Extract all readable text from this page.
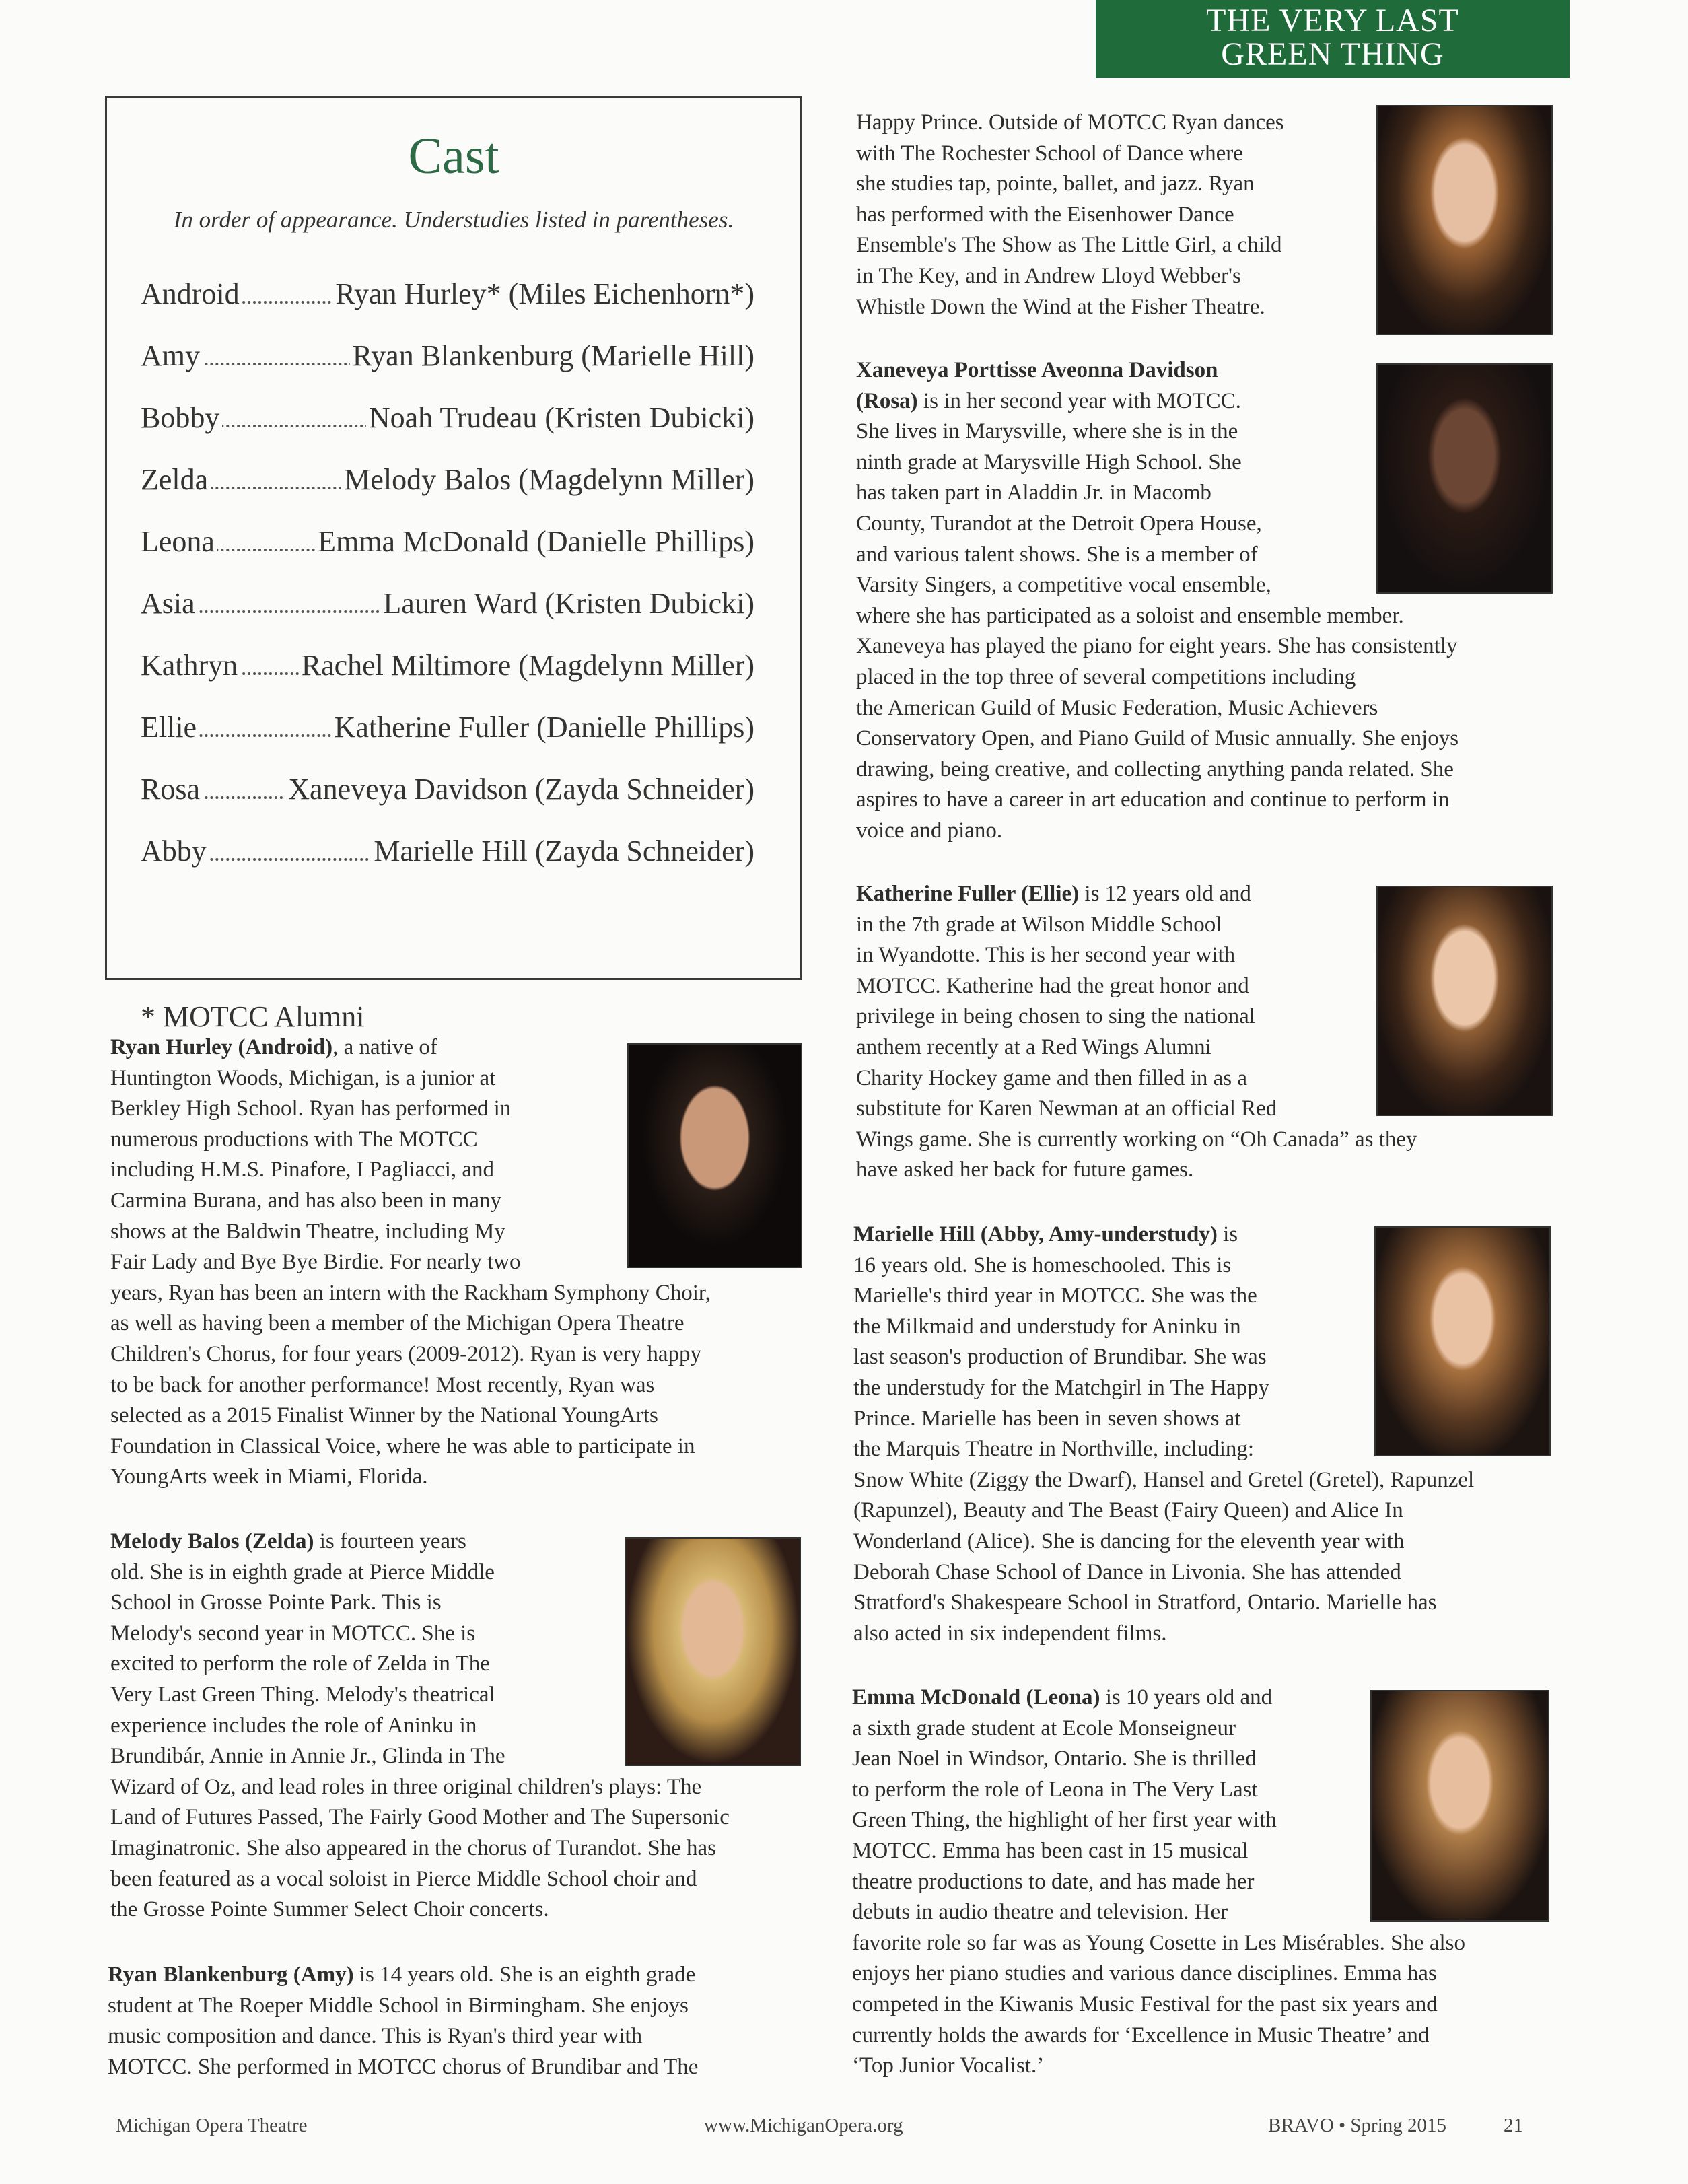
THE VERY LAST
GREEN THING
Cast
In order of appearance. Understudies listed in parentheses.
Android	Ryan Hurley* (Miles Eichenhorn*)
Amy	Ryan Blankenburg (Marielle Hill)
Bobby	Noah Trudeau (Kristen Dubicki)
Zelda	Melody Balos (Magdelynn Miller)
Leona	Emma McDonald (Danielle Phillips)
Asia	Lauren Ward (Kristen Dubicki)
Kathryn Rachel Miltimore (Magdelynn Miller)
Ellie	Katherine Fuller (Danielle Phillips)
Rosa	Xaneveya Davidson (Zayda Schneider)
Abby	Marielle Hill (Zayda Schneider)
* MOTCC Alumni

Ryan Hurley (Android), a native of
Huntington Woods, Michigan, is a junior at
Berkley High School. Ryan has performed in
numerous productions with The MOTCC
including H.M.S. Pinafore, I Pagliacci, and
Carmina Burana, and has also been in many
shows at the Baldwin Theatre, including My
Fair Lady and Bye Bye Birdie. For nearly two
years, Ryan has been an intern with the Rackham Symphony Choir,
as well as having been a member of the Michigan Opera Theatre
Children's Chorus, for four years (2009-2012). Ryan is very happy
to be back for another performance! Most recently, Ryan was
selected as a 2015 Finalist Winner by the National YoungArts
Foundation in Classical Voice, where he was able to participate in
YoungArts week in Miami, Florida.

Melody Balos (Zelda) is fourteen years
old. She is in eighth grade at Pierce Middle
School in Grosse Pointe Park. This is
Melody's second year in MOTCC. She is
excited to perform the role of Zelda in The
Very Last Green Thing. Melody's theatrical
experience includes the role of Aninku in
Brundibár, Annie in Annie Jr., Glinda in The
Wizard of Oz, and lead roles in three original children's plays: The
Land of Futures Passed, The Fairly Good Mother and The Supersonic
Imaginatronic. She also appeared in the chorus of Turandot. She has
been featured as a vocal soloist in Pierce Middle School choir and
the Grosse Pointe Summer Select Choir concerts.

Ryan Blankenburg (Amy) is 14 years old. She is an eighth grade
student at The Roeper Middle School in Birmingham. She enjoys
music composition and dance. This is Ryan's third year with
MOTCC. She performed in MOTCC chorus of Brundibar and The

Happy Prince. Outside of MOTCC Ryan dances
with The Rochester School of Dance where
she studies tap, pointe, ballet, and jazz. Ryan
has performed with the Eisenhower Dance
Ensemble's The Show as The Little Girl, a child
in The Key, and in Andrew Lloyd Webber's
Whistle Down the Wind at the Fisher Theatre.

Xaneveya Porttisse Aveonna Davidson
(Rosa) is in her second year with MOTCC.
She lives in Marysville, where she is in the
ninth grade at Marysville High School. She
has taken part in Aladdin Jr. in Macomb
County, Turandot at the Detroit Opera House,
and various talent shows. She is a member of
Varsity Singers, a competitive vocal ensemble,
where she has participated as a soloist and ensemble member.
Xaneveya has played the piano for eight years. She has consistently
placed in the top three of several competitions including
the American Guild of Music Federation, Music Achievers
Conservatory Open, and Piano Guild of Music annually. She enjoys
drawing, being creative, and collecting anything panda related. She
aspires to have a career in art education and continue to perform in
voice and piano.

Katherine Fuller (Ellie) is 12 years old and
in the 7th grade at Wilson Middle School
in Wyandotte. This is her second year with
MOTCC. Katherine had the great honor and
privilege in being chosen to sing the national
anthem recently at a Red Wings Alumni
Charity Hockey game and then filled in as a
substitute for Karen Newman at an official Red
Wings game. She is currently working on “Oh Canada” as they
have asked her back for future games.

Marielle Hill (Abby, Amy-understudy) is
16 years old. She is homeschooled. This is
Marielle's third year in MOTCC. She was the
the Milkmaid and understudy for Aninku in
last season's production of Brundibar. She was
the understudy for the Matchgirl in The Happy
Prince. Marielle has been in seven shows at
the Marquis Theatre in Northville, including:
Snow White (Ziggy the Dwarf), Hansel and Gretel (Gretel), Rapunzel
(Rapunzel), Beauty and The Beast (Fairy Queen) and Alice In
Wonderland (Alice). She is dancing for the eleventh year with
Deborah Chase School of Dance in Livonia. She has attended
Stratford's Shakespeare School in Stratford, Ontario. Marielle has
also acted in six independent films.

Emma McDonald (Leona) is 10 years old and
a sixth grade student at Ecole Monseigneur
Jean Noel in Windsor, Ontario. She is thrilled
to perform the role of Leona in The Very Last
Green Thing, the highlight of her first year with
MOTCC. Emma has been cast in 15 musical
theatre productions to date, and has made her
debuts in audio theatre and television. Her
favorite role so far was as Young Cosette in Les Misérables. She also
enjoys her piano studies and various dance disciplines. Emma has
competed in the Kiwanis Music Festival for the past six years and
currently holds the awards for ‘Excellence in Music Theatre’ and
‘Top Junior Vocalist.’

Michigan Opera Theatre	www.MichiganOpera.org	BRAVO • Spring 2015	21
